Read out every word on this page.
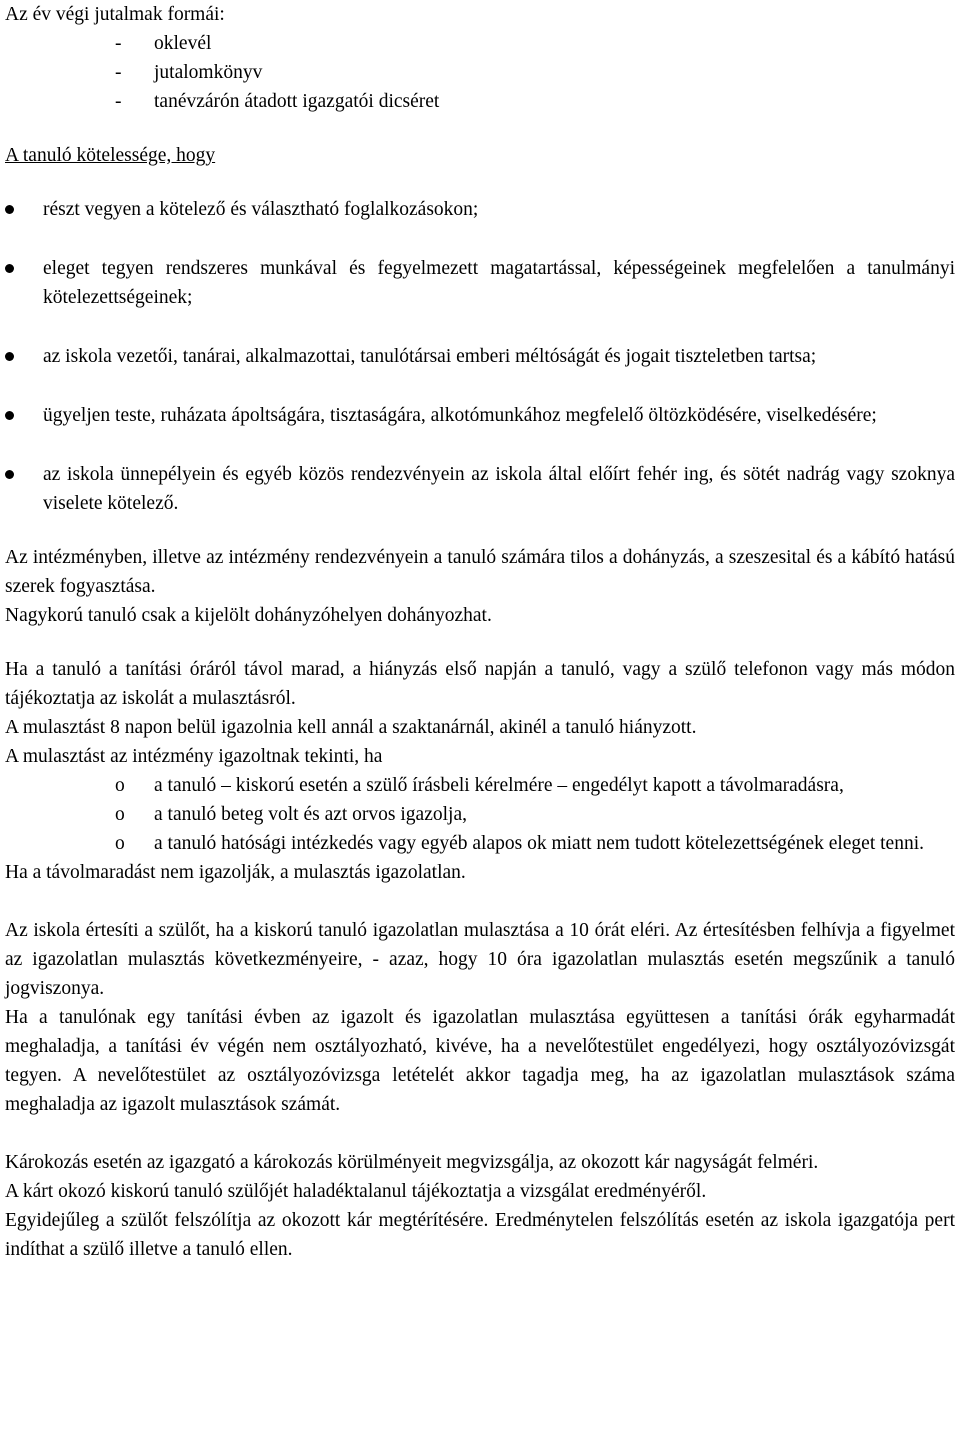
Az év végi jutalmak formái:

- oklevél
- jutalomkönyv
- tanévzárón átadott igazgatói dicséret

A tanuló kötelessége, hogy

részt vegyen a kötelező és választható foglalkozásokon;
eleget tegyen rendszeres munkával és fegyelmezett magatartással, képességeinek megfelelően a tanulmányi kötelezettségeinek;
az iskola vezetői, tanárai, alkalmazottai, tanulótársai emberi méltóságát és jogait tiszteletben tartsa;
ügyeljen teste, ruházata ápoltságára, tisztaságára, alkotómunkához megfelelő öltözködésére, viselkedésére;
az iskola ünnepélyein és egyéb közös rendezvényein az iskola által előírt fehér ing, és sötét nadrág vagy szoknya viselete kötelező.

Az intézményben, illetve az intézmény rendezvényein a tanuló számára tilos a dohányzás, a szeszesital és a kábító hatású szerek fogyasztása.

Nagykorú tanuló csak a kijelölt dohányzóhelyen dohányozhat.

Ha a tanuló a tanítási óráról távol marad, a hiányzás első napján a tanuló, vagy a szülő telefonon vagy más módon tájékoztatja az iskolát a mulasztásról.

A mulasztást 8 napon belül igazolnia kell annál a szaktanárnál, akinél a tanuló hiányzott.

A mulasztást az intézmény igazoltnak tekinti, ha

o a tanuló – kiskorú esetén a szülő írásbeli kérelmére – engedélyt kapott a távolmaradásra,
o a tanuló beteg volt és azt orvos igazolja,
o a tanuló hatósági intézkedés vagy egyéb alapos ok miatt nem tudott kötelezettségének eleget tenni.

Ha a távolmaradást nem igazolják, a mulasztás igazolatlan.

Az iskola értesíti a szülőt, ha a kiskorú tanuló igazolatlan mulasztása a 10 órát eléri. Az értesítésben felhívja a figyelmet az igazolatlan mulasztás következményeire, - azaz, hogy 10 óra igazolatlan mulasztás esetén megszűnik a tanuló jogviszonya.

Ha a tanulónak egy tanítási évben az igazolt és igazolatlan mulasztása együttesen a tanítási órák egyharmadát meghaladja, a tanítási év végén nem osztályozható, kivéve, ha a nevelőtestület engedélyezi, hogy osztályozóvizsgát tegyen. A nevelőtestület az osztályozóvizsga letételét akkor tagadja meg, ha az igazolatlan mulasztások száma meghaladja az igazolt mulasztások számát.

Károkozás esetén az igazgató a károkozás körülményeit megvizsgálja, az okozott kár nagyságát felméri.

A kárt okozó kiskorú tanuló szülőjét haladéktalanul tájékoztatja a vizsgálat eredményéről.

Egyidejűleg a szülőt felszólítja az okozott kár megtérítésére. Eredménytelen felszólítás esetén az iskola igazgatója pert indíthat a szülő illetve a tanuló ellen.
